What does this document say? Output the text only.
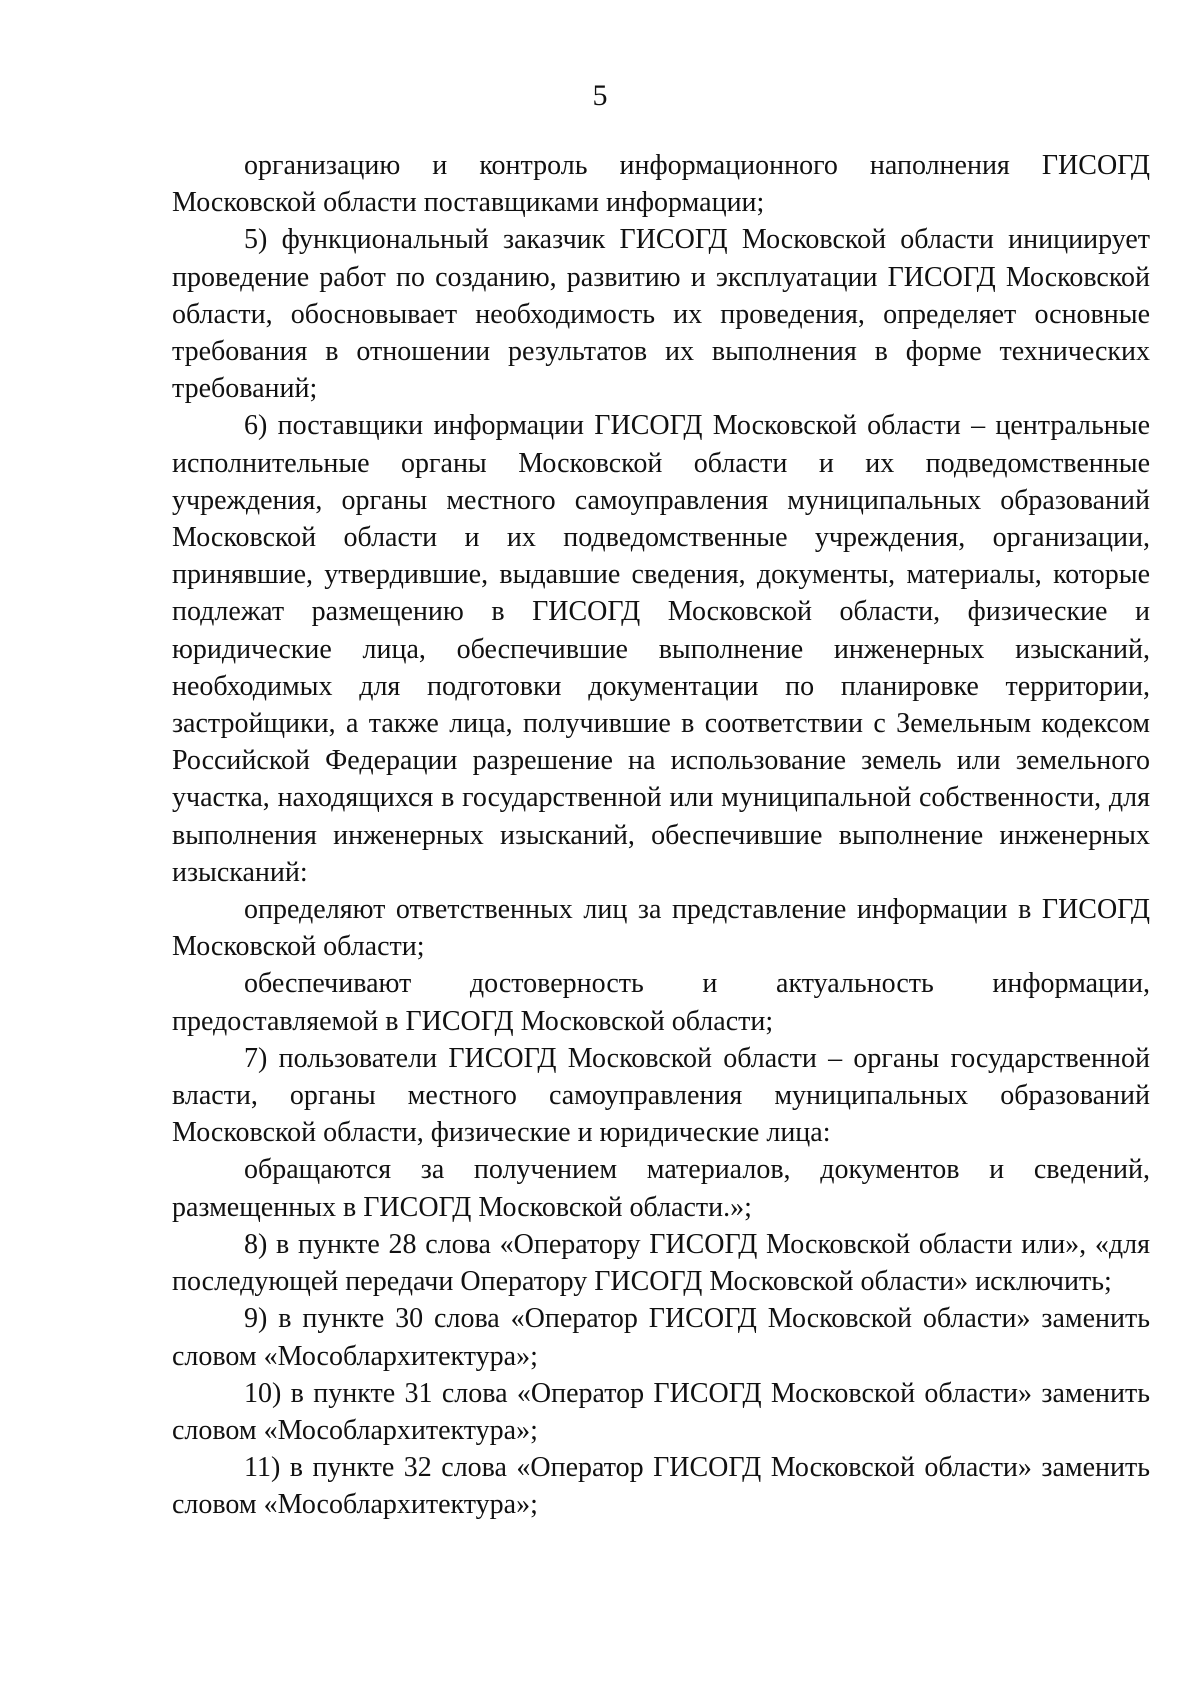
5

организацию и контроль информационного наполнения ГИСОГД Московской области поставщиками информации;

5) функциональный заказчик ГИСОГД Московской области инициирует проведение работ по созданию, развитию и эксплуатации ГИСОГД Московской области, обосновывает необходимость их проведения, определяет основные требования в отношении результатов их выполнения в форме технических требований;

6) поставщики информации ГИСОГД Московской области – центральные исполнительные органы Московской области и их подведомственные учреждения, органы местного самоуправления муниципальных образований Московской области и их подведомственные учреждения, организации, принявшие, утвердившие, выдавшие сведения, документы, материалы, которые подлежат размещению в ГИСОГД Московской области, физические и юридические лица, обеспечившие выполнение инженерных изысканий, необходимых для подготовки документации по планировке территории, застройщики, а также лица, получившие в соответствии с Земельным кодексом Российской Федерации разрешение на использование земель или земельного участка, находящихся в государственной или муниципальной собственности, для выполнения инженерных изысканий, обеспечившие выполнение инженерных изысканий:

определяют ответственных лиц за представление информации в ГИСОГД Московской области;

обеспечивают достоверность и актуальность информации, предоставляемой в ГИСОГД Московской области;

7) пользователи ГИСОГД Московской области – органы государственной власти, органы местного самоуправления муниципальных образований Московской области, физические и юридические лица:

обращаются за получением материалов, документов и сведений, размещенных в ГИСОГД Московской области.»;

8) в пункте 28 слова «Оператору ГИСОГД Московской области или», «для последующей передачи Оператору ГИСОГД Московской области» исключить;

9) в пункте 30 слова «Оператор ГИСОГД Московской области» заменить словом «Мособлархитектура»;

10) в пункте 31 слова «Оператор ГИСОГД Московской области» заменить словом «Мособлархитектура»;

11) в пункте 32 слова «Оператор ГИСОГД Московской области» заменить словом «Мособлархитектура»;
